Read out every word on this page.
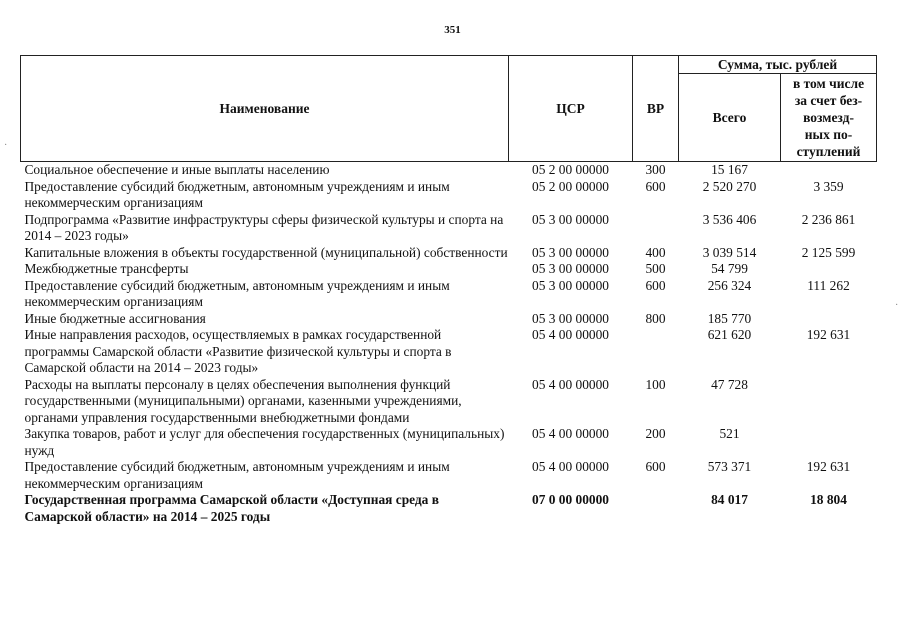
351
·
·
Наименование	ЦСР	ВР	Сумма, тыс. рублей	
			Всего	в том числе
за счет без-
возмезд-
ных по-
ступлений
Социальное обеспечение и иные выплаты населению	05 2 00 00000	300	15 167	
Предоставление субсидий бюджетным, автономным учреждениям и иным некоммерческим организациям	05 2 00 00000	600	2 520 270	3 359
Подпрограмма «Развитие инфраструктуры сферы физической культуры и спорта на 2014 – 2023 годы»	05 3 00 00000		3 536 406	2 236 861
Капитальные вложения в объекты государственной (муниципальной) собственности	05 3 00 00000	400	3 039 514	2 125 599
Межбюджетные трансферты	05 3 00 00000	500	54 799	
Предоставление субсидий бюджетным, автономным учреждениям и иным некоммерческим организациям	05 3 00 00000	600	256 324	111 262
Иные бюджетные ассигнования	05 3 00 00000	800	185 770	
Иные направления расходов, осуществляемых в рамках государственной программы Самарской области «Развитие физической культуры и спорта в Самарской области на 2014 – 2023 годы»	05 4 00 00000		621 620	192 631
Расходы на выплаты персоналу в целях обеспечения выполнения функций государственными (муниципальными) органами, казенными учреждениями, органами управления государственными внебюджетными фондами	05 4 00 00000	100	47 728	
Закупка товаров, работ и услуг для обеспечения государственных (муниципальных) нужд	05 4 00 00000	200	521	
Предоставление субсидий бюджетным, автономным учреждениям и иным некоммерческим организациям	05 4 00 00000	600	573 371	192 631
Государственная программа Самарской области «Доступная среда в Самарской области» на 2014 – 2025 годы	07 0 00 00000		84 017	18 804
